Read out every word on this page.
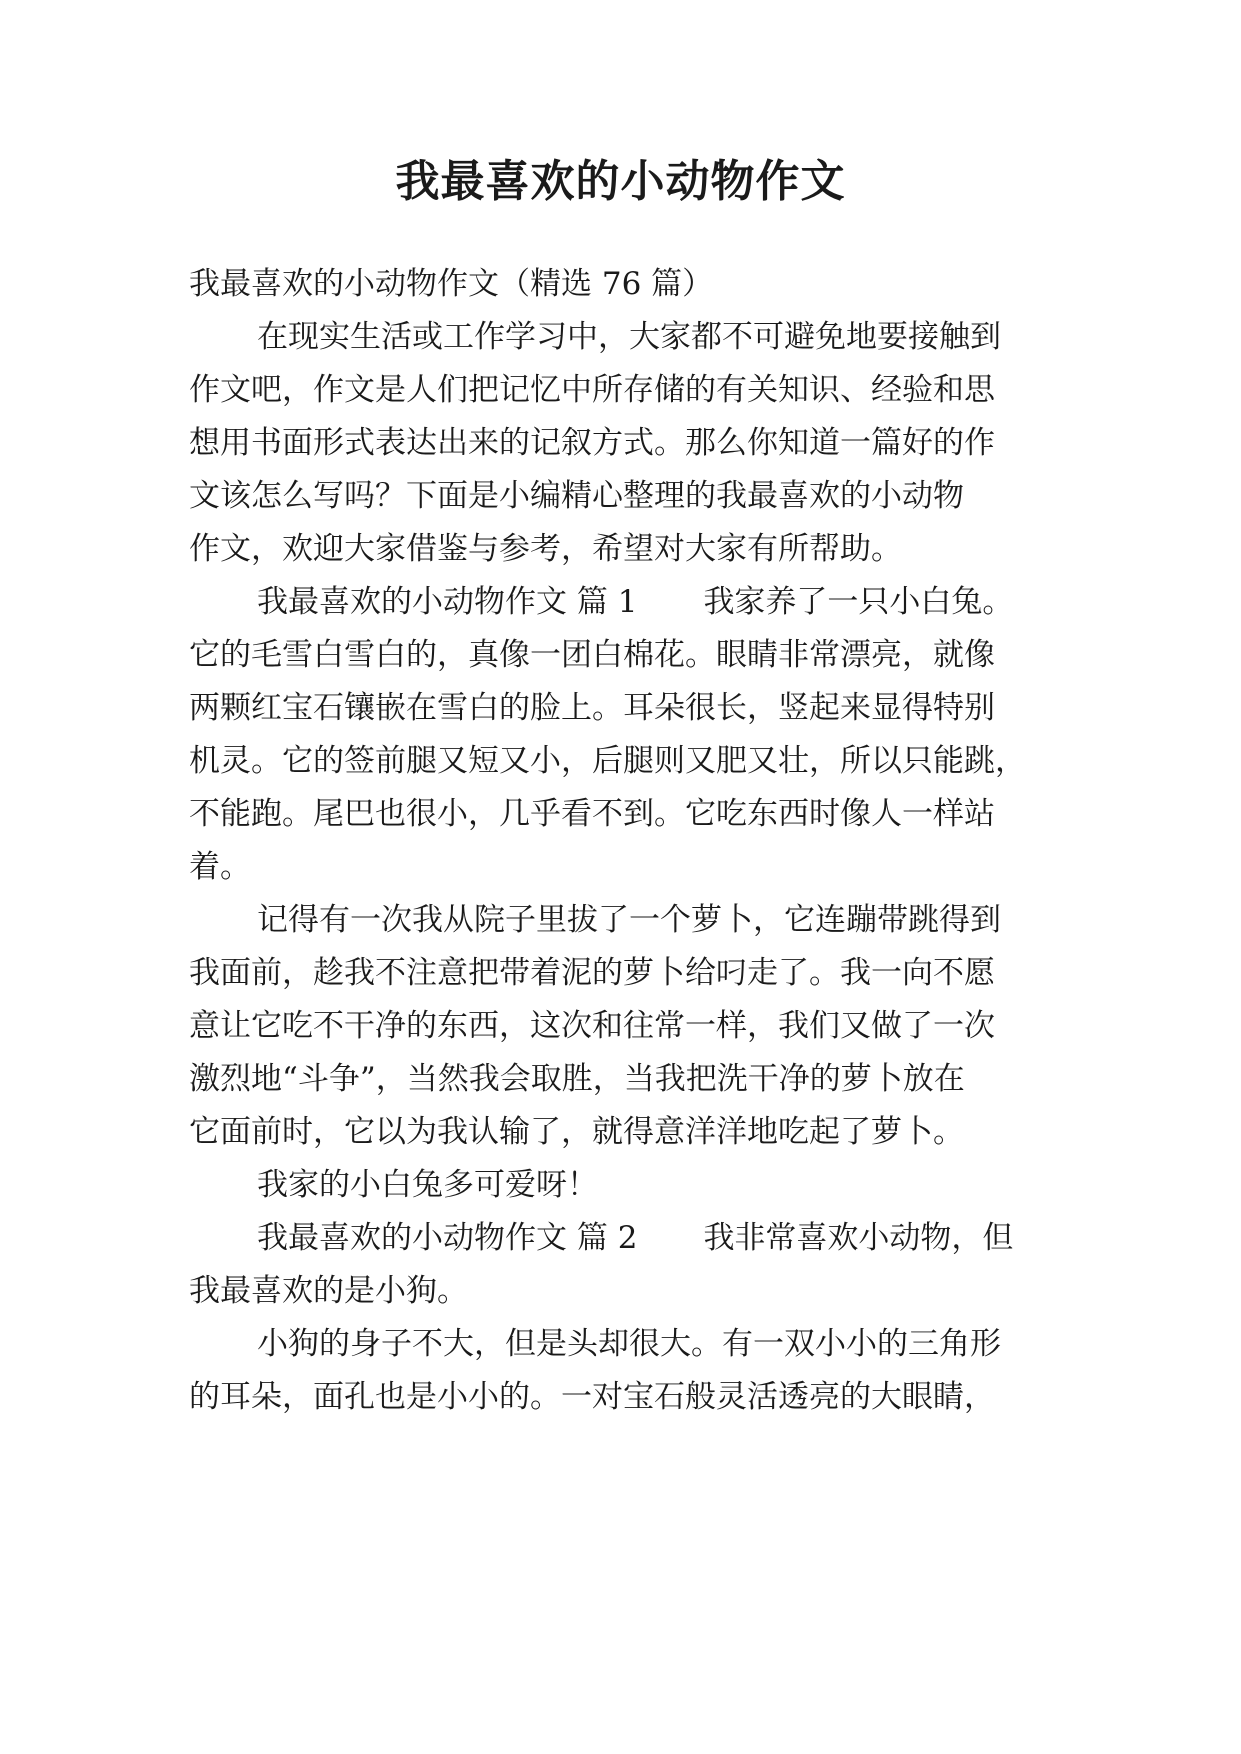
我最喜欢的小动物作文
我最喜欢的小动物作文（精选 76 篇）
在现实生活或工作学习中，大家都不可避免地要接触到
作文吧，作文是人们把记忆中所存储的有关知识、经验和思
想用书面形式表达出来的记叙方式。那么你知道一篇好的作
文该怎么写吗？下面是小编精心整理的我最喜欢的小动物
作文，欢迎大家借鉴与参考，希望对大家有所帮助。
我最喜欢的小动物作文 篇 1 我家养了一只小白兔。
它的毛雪白雪白的，真像一团白棉花。眼睛非常漂亮，就像
两颗红宝石镶嵌在雪白的脸上。耳朵很长，竖起来显得特别
机灵。它的签前腿又短又小，后腿则又肥又壮，所以只能跳，
不能跑。尾巴也很小，几乎看不到。它吃东西时像人一样站
着。
记得有一次我从院子里拔了一个萝卜，它连蹦带跳得到
我面前，趁我不注意把带着泥的萝卜给叼走了。我一向不愿
意让它吃不干净的东西，这次和往常一样，我们又做了一次
激烈地“斗争”，当然我会取胜，当我把洗干净的萝卜放在
它面前时，它以为我认输了，就得意洋洋地吃起了萝卜。
我家的小白兔多可爱呀！
我最喜欢的小动物作文 篇 2 我非常喜欢小动物，但
我最喜欢的是小狗。
小狗的身子不大，但是头却很大。有一双小小的三角形
的耳朵，面孔也是小小的。一对宝石般灵活透亮的大眼睛，
